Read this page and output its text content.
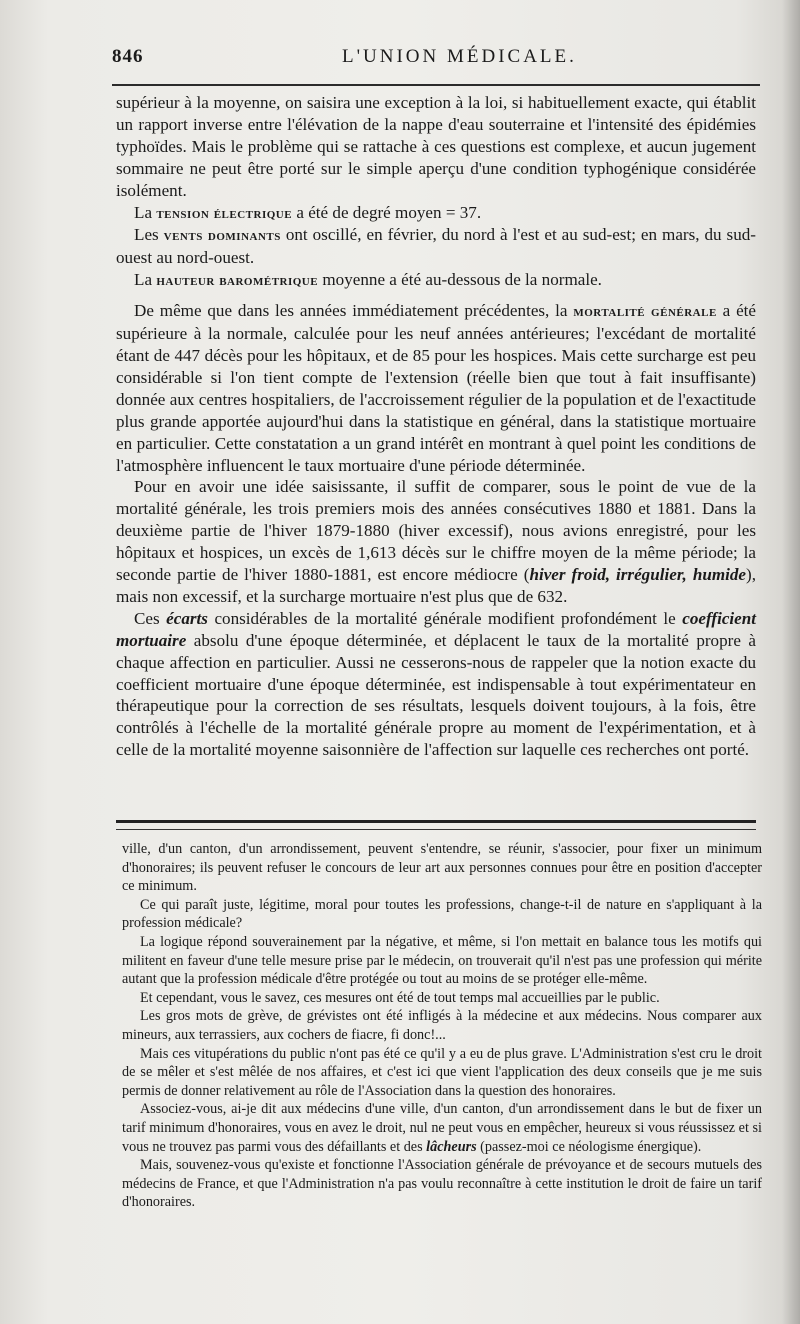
846	L'UNION MÉDICALE.

supérieur à la moyenne, on saisira une exception à la loi, si habituellement exacte, qui établit un rapport inverse entre l'élévation de la nappe d'eau souterraine et l'intensité des épidémies typhoïdes. Mais le problème qui se rattache à ces questions est complexe, et aucun jugement sommaire ne peut être porté sur le simple aperçu d'une condition typhogénique considérée isolément.

La tension électrique a été de degré moyen = 37.

Les vents dominants ont oscillé, en février, du nord à l'est et au sud-est; en mars, du sud-ouest au nord-ouest.

La hauteur barométrique moyenne a été au-dessous de la normale.

De même que dans les années immédiatement précédentes, la mortalité générale a été supérieure à la normale, calculée pour les neuf années antérieures; l'excédant de mortalité étant de 447 décès pour les hôpitaux, et de 85 pour les hospices. Mais cette surcharge est peu considérable si l'on tient compte de l'extension (réelle bien que tout à fait insuffisante) donnée aux centres hospitaliers, de l'accroissement régulier de la population et de l'exactitude plus grande apportée aujourd'hui dans la statistique en général, dans la statistique mortuaire en particulier. Cette constatation a un grand intérêt en montrant à quel point les conditions de l'atmosphère influencent le taux mortuaire d'une période déterminée.

Pour en avoir une idée saisissante, il suffit de comparer, sous le point de vue de la mortalité générale, les trois premiers mois des années consécutives 1880 et 1881. Dans la deuxième partie de l'hiver 1879-1880 (hiver excessif), nous avions enregistré, pour les hôpitaux et hospices, un excès de 1,613 décès sur le chiffre moyen de la même période; la seconde partie de l'hiver 1880-1881, est encore médiocre (hiver froid, irrégulier, humide), mais non excessif, et la surcharge mortuaire n'est plus que de 632.

Ces écarts considérables de la mortalité générale modifient profondément le coefficient mortuaire absolu d'une époque déterminée, et déplacent le taux de la mortalité propre à chaque affection en particulier. Aussi ne cesserons-nous de rappeler que la notion exacte du coefficient mortuaire d'une époque déterminée, est indispensable à tout expérimentateur en thérapeutique pour la correction de ses résultats, lesquels doivent toujours, à la fois, être contrôlés à l'échelle de la mortalité générale propre au moment de l'expérimentation, et à celle de la mortalité moyenne saisonnière de l'affection sur laquelle ces recherches ont porté.

ville, d'un canton, d'un arrondissement, peuvent s'entendre, se réunir, s'associer, pour fixer un minimum d'honoraires; ils peuvent refuser le concours de leur art aux personnes connues pour être en position d'accepter ce minimum.

Ce qui paraît juste, légitime, moral pour toutes les professions, change-t-il de nature en s'appliquant à la profession médicale?

La logique répond souverainement par la négative, et même, si l'on mettait en balance tous les motifs qui militent en faveur d'une telle mesure prise par le médecin, on trouverait qu'il n'est pas une profession qui mérite autant que la profession médicale d'être protégée ou tout au moins de se protéger elle-même.

Et cependant, vous le savez, ces mesures ont été de tout temps mal accueillies par le public.

Les gros mots de grève, de grévistes ont été infligés à la médecine et aux médecins. Nous comparer aux mineurs, aux terrassiers, aux cochers de fiacre, fi donc!...

Mais ces vitupérations du public n'ont pas été ce qu'il y a eu de plus grave. L'Administration s'est cru le droit de se mêler et s'est mêlée de nos affaires, et c'est ici que vient l'application des deux conseils que je me suis permis de donner relativement au rôle de l'Association dans la question des honoraires.

Associez-vous, ai-je dit aux médecins d'une ville, d'un canton, d'un arrondissement dans le but de fixer un tarif minimum d'honoraires, vous en avez le droit, nul ne peut vous en empêcher, heureux si vous réussissez et si vous ne trouvez pas parmi vous des défaillants et des lâcheurs (passez-moi ce néologisme énergique).

Mais, souvenez-vous qu'existe et fonctionne l'Association générale de prévoyance et de secours mutuels des médecins de France, et que l'Administration n'a pas voulu reconnaître à cette institution le droit de faire un tarif d'honoraires.
